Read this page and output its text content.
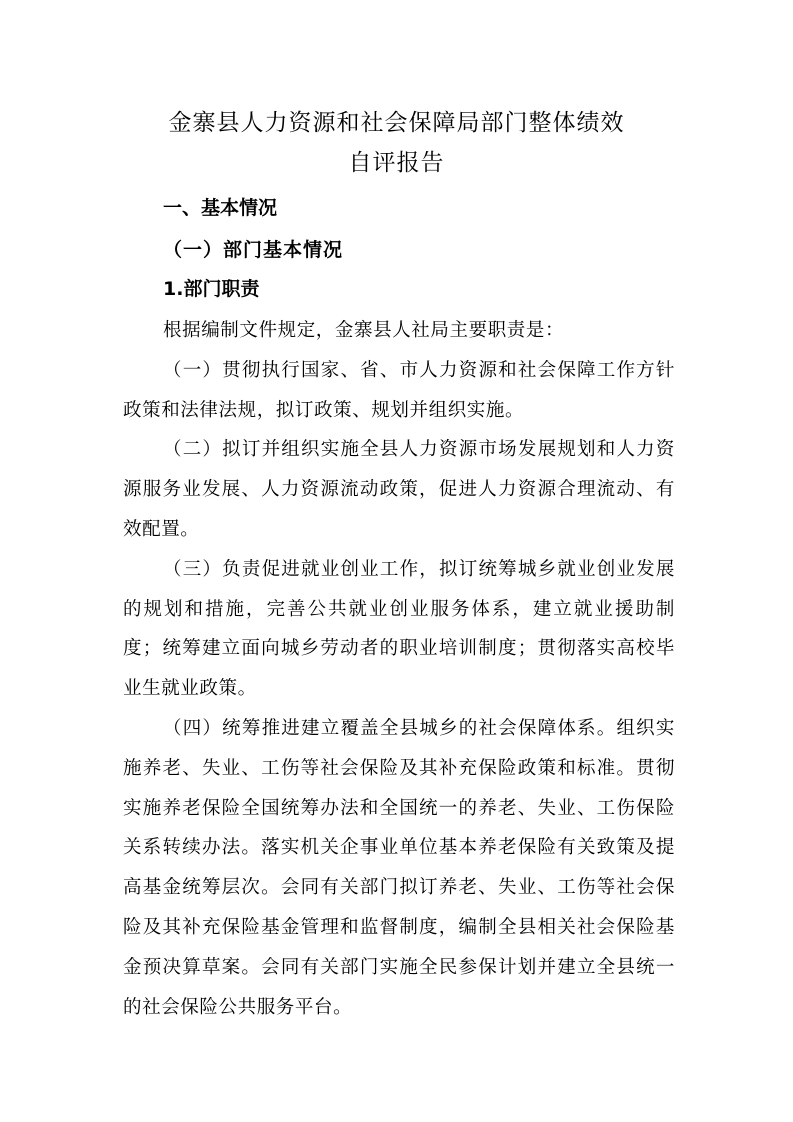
金寨县人力资源和社会保障局部门整体绩效
自评报告
一、基本情况
（一）部门基本情况
1.部门职责

根据编制文件规定，金寨县人社局主要职责是：

（一）贯彻执行国家、省、市人力资源和社会保障工作方针政策和法律法规，拟订政策、规划并组织实施。

（二）拟订并组织实施全县人力资源市场发展规划和人力资源服务业发展、人力资源流动政策，促进人力资源合理流动、有效配置。

（三）负责促进就业创业工作，拟订统筹城乡就业创业发展的规划和措施，完善公共就业创业服务体系，建立就业援助制度；统筹建立面向城乡劳动者的职业培训制度；贯彻落实高校毕业生就业政策。

（四）统筹推进建立覆盖全县城乡的社会保障体系。组织实施养老、失业、工伤等社会保险及其补充保险政策和标准。贯彻实施养老保险全国统筹办法和全国统一的养老、失业、工伤保险关系转续办法。落实机关企事业单位基本养老保险有关致策及提高基金统筹层次。会同有关部门拟订养老、失业、工伤等社会保险及其补充保险基金管理和监督制度，编制全县相关社会保险基金预决算草案。会同有关部门实施全民参保计划并建立全县统一的社会保险公共服务平台。
